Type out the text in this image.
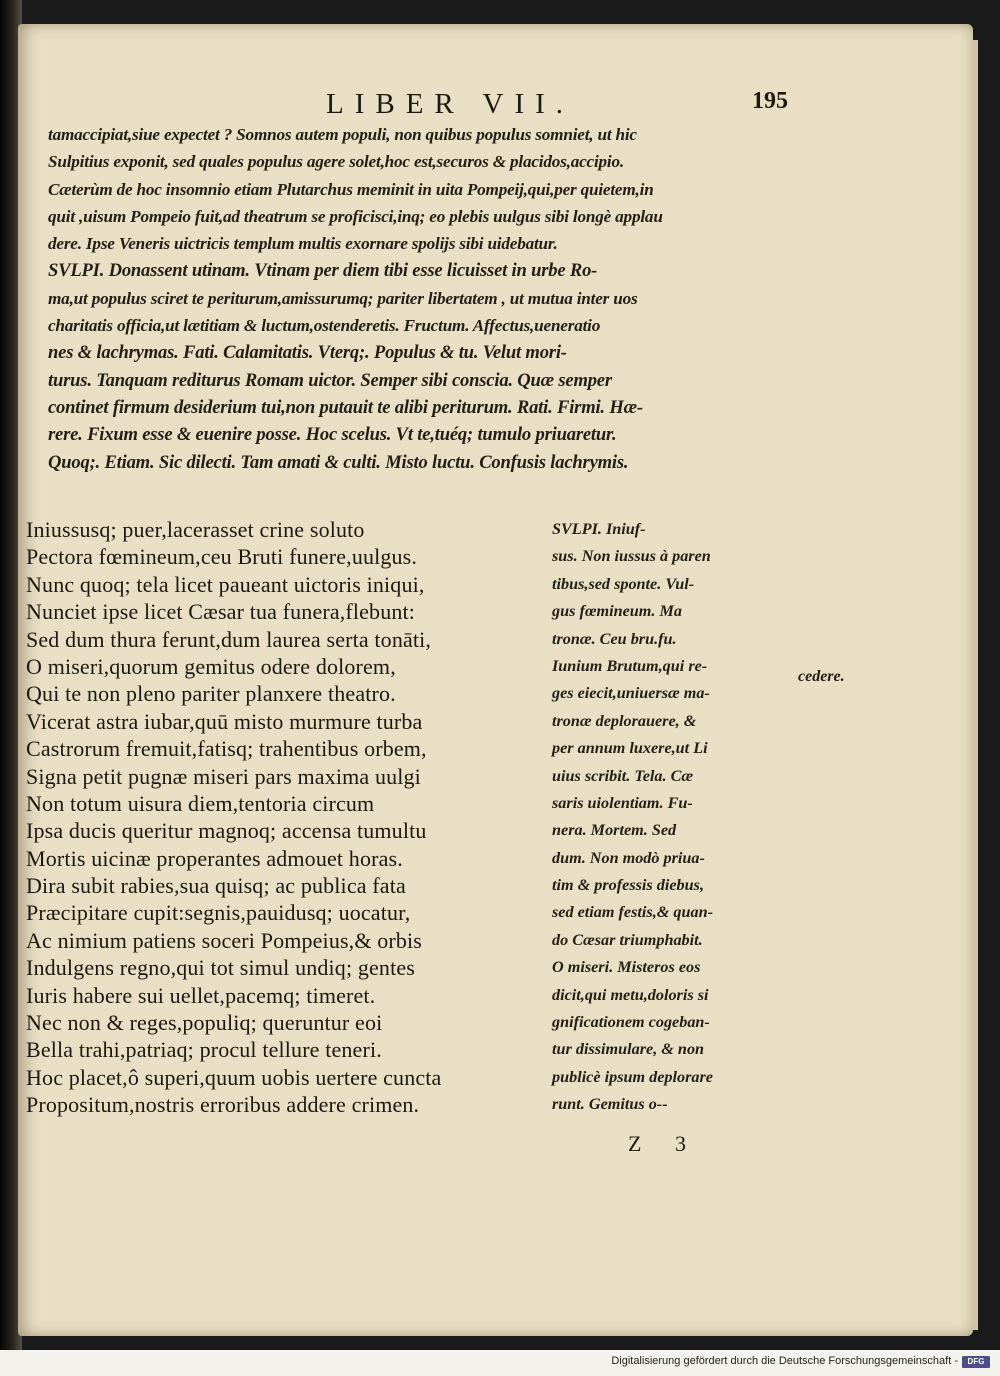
LIBER VII.	195
tamaccipiat,siue expectet ? Somnos autem populi, non quibus populus somniet, ut hic
Sulpitius exponit, sed quales populus agere solet,hoc est,securos & placidos,accipio.
Cæterùm de hoc insomnio etiam Plutarchus meminit in uita Pompeij,qui,per quietem,in
quit ,uisum Pompeio fuit,ad theatrum se proficisci,inq; eo plebis uulgus sibi longè applau
dere. Ipse Veneris uictricis templum multis exornare spolijs sibi uidebatur.
SVLPI. Donassent utinam. Vtinam per diem tibi esse licuisset in urbe Ro-
ma,ut populus sciret te periturum,amissurumq; pariter libertatem , ut mutua inter uos
charitatis officia,ut lætitiam & luctum,ostenderetis. Fructum. Affectus,ueneratio
nes & lachrymas. Fati. Calamitatis. Vterq;. Populus & tu. Velut mori-
turus. Tanquam rediturus Romam uictor. Semper sibi conscia. Quæ semper
continet firmum desiderium tui,non putauit te alibi periturum. Rati. Firmi. Hæ-
rere. Fixum esse & euenire posse. Hoc scelus. Vt te,tuéq; tumulo priuaretur.
Quoq;. Etiam. Sic dilecti. Tam amati & culti. Misto luctu. Confusis lachrymis.
Iniussusq; puer,lacerasset crine soluto
Pectora fœmineum,ceu Bruti funere,uulgus.
Nunc quoq; tela licet paueant uictoris iniqui,
Nunciet ipse licet Cæsar tua funera,flebunt:
Sed dum thura ferunt,dum laurea serta tonāti,
O miseri,quorum gemitus odere dolorem,
Qui te non pleno pariter planxere theatro.
Vicerat astra iubar,quū misto murmure turba
Castrorum fremuit,fatisq; trahentibus orbem,
Signa petit pugnæ miseri pars maxima uulgi
Non totum uisura diem,tentoria circum
Ipsa ducis queritur magnoq; accensa tumultu
Mortis uicinæ properantes admouet horas.
Dira subit rabies,sua quisq; ac publica fata
Præcipitare cupit:segnis,pauidusq; uocatur,
Ac nimium patiens soceri Pompeius,& orbis
Indulgens regno,qui tot simul undiq; gentes
Iuris habere sui uellet,pacemq; timeret.
Nec non & reges,populiq; queruntur eoi
Bella trahi,patriaq; procul tellure teneri.
Hoc placet,ô superi,quum uobis uertere cuncta
Propositum,nostris erroribus addere crimen.
SVLPI. Iniuf-
sus. Non iussus à paren
tibus,sed sponte. Vul-
gus fœmineum. Ma
tronæ. Ceu bru.fu.
Iunium Brutum,qui re-
ges eiecit,uniuersæ ma-
tronæ deplorauere, &
per annum luxere,ut Li
uius scribit. Tela. Cæ
saris uiolentiam. Fu-
nera. Mortem. Sed
dum. Non modò priua-
tim & professis diebus,
sed etiam festis,& quan-
do Cæsar triumphabit.
O miseri. Misteros eos
dicit,qui metu,doloris si
gnificationem cogeban-
tur dissimulare, & non
publicè ipsum deplorare
runt. Gemitus o--
cedere.
Z 3
Digitalisierung gefördert durch die Deutsche Forschungsgemeinschaft -	DFG
